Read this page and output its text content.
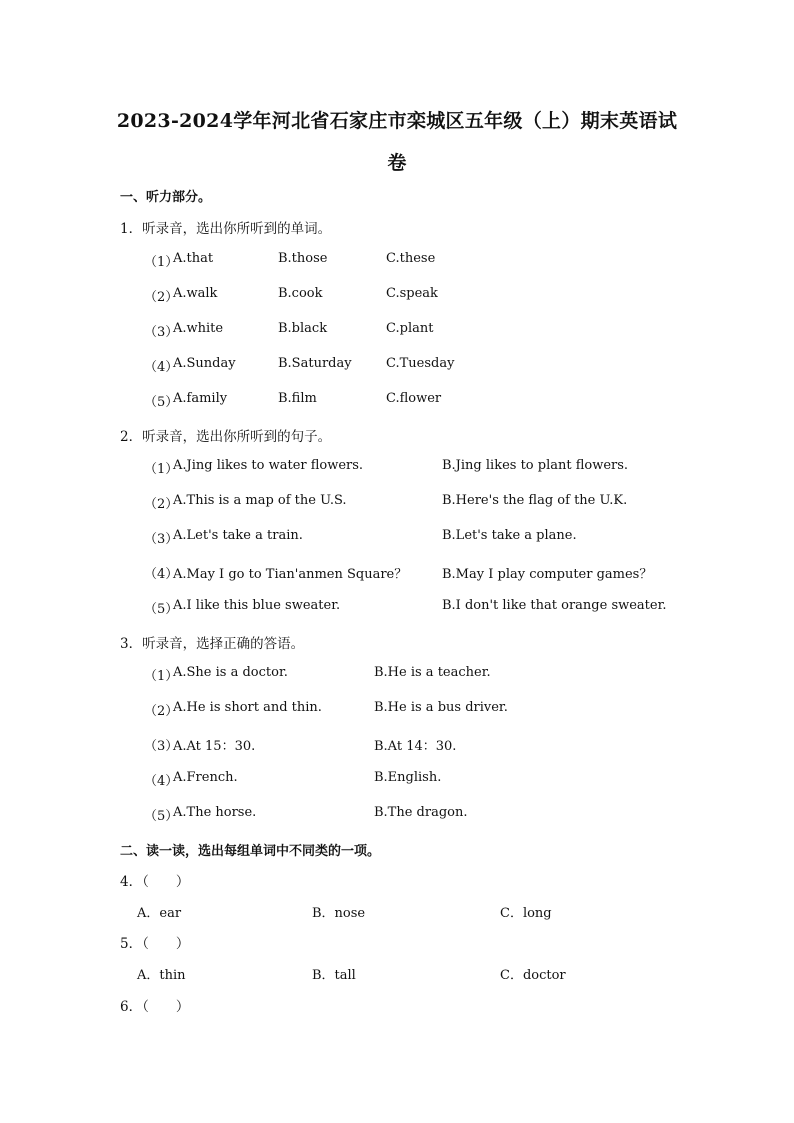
2023-2024学年河北省石家庄市栾城区五年级（上）期末英语试
卷
一、听力部分。
1．听录音，选出你所听到的单词。
（1）
A.that	B.those	C.these
（2）
A.walk	B.cook	C.speak
（3）
A.white	B.black	C.plant
（4）
A.Sunday	B.Saturday	C.Tuesday
（5）
A.family	B.film	C.flower
2．听录音，选出你所听到的句子。
（1）
A.Jing likes to water flowers.	B.Jing likes to plant flowers.
（2）
A.This is a map of the U.S.	B.Here's the flag of the U.K.
（3）
A.Let's take a train.	B.Let's take a plane.
（4）
A.May I go to Tian'anmen Square？	B.May I play computer games？
（5）
A.I like this blue sweater.	B.I don't like that orange sweater.
3．听录音，选择正确的答语。
（1）
A.She is a doctor.	B.He is a teacher.
（2）
A.He is short and thin.	B.He is a bus driver.
（3）
A.At 15：30.	B.At 14：30.
（4）
A.French.	B.English.
（5）
A.The horse.	B.The dragon.
二、读一读，选出每组单词中不同类的一项。
4．（　　）
A．ear	B．nose	C．long
5．（　　）
A．thin	B．tall	C．doctor
6．（　　）
